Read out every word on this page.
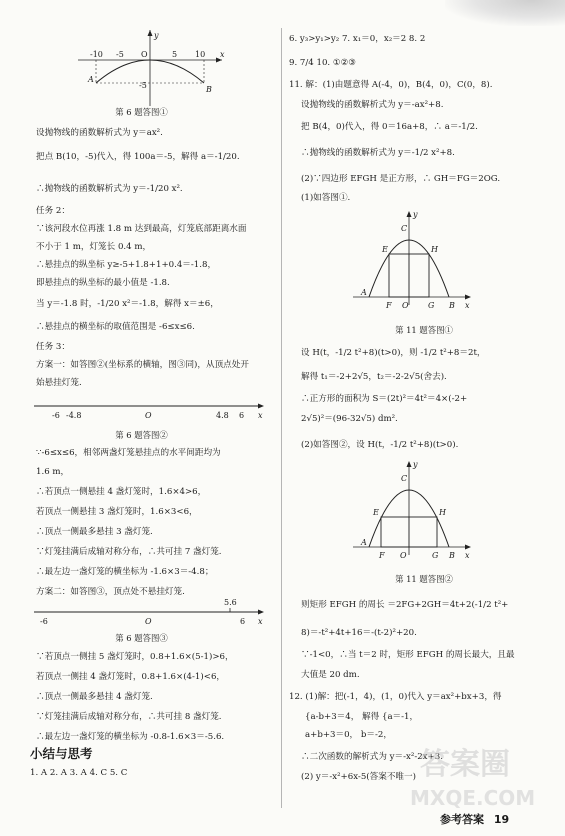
-10 -5 O	5 10 x
y
-5
A
B
第 6 题答图①
设抛物线的函数解析式为 y＝ax².
把点 B(10，-5)代入，得 100a＝-5，解得 a＝-1/20.
∴抛物线的函数解析式为 y＝-1/20 x².
任务 2：
∵该河段水位再涨 1.8 m 达到最高，灯笼底部距离水面
不小于 1 m，灯笼长 0.4 m，
∴悬挂点的纵坐标 y≥-5+1.8+1+0.4＝-1.8，
即悬挂点的纵坐标的最小值是 -1.8.
当 y＝-1.8 时，-1/20 x²＝-1.8，解得 x＝±6，
∴悬挂点的横坐标的取值范围是 -6≤x≤6.
任务 3：
方案一：如答图②(坐标系的横轴，图③同)，从顶点处开
始悬挂灯笼.
-6 -4.8	O	4.8 6 x
第 6 题答图②
∵-6≤x≤6，相邻两盏灯笼悬挂点的水平间距均为
1.6 m，
∴若顶点一侧悬挂 4 盏灯笼时，1.6×4>6，
若顶点一侧悬挂 3 盏灯笼时，1.6×3<6，
∴顶点一侧最多悬挂 3 盏灯笼.
∵灯笼挂满后成轴对称分布，∴共可挂 7 盏灯笼.
∴最左边一盏灯笼的横坐标为 -1.6×3＝-4.8；
方案二：如答图③，顶点处不悬挂灯笼.
-6	O
5.6
6 x
第 6 题答图③
∵若顶点一侧挂 5 盏灯笼时，0.8+1.6×(5-1)>6，
若顶点一侧挂 4 盏灯笼时，0.8+1.6×(4-1)<6，
∴顶点一侧最多悬挂 4 盏灯笼.
∵灯笼挂满后成轴对称分布，∴共可挂 8 盏灯笼.
∴最左边一盏灯笼的横坐标为 -0.8-1.6×3＝-5.6.
小结与思考
1. A 2. A 3. A 4. C 5. C
6. y₃>y₁>y₂ 7. x₁＝0，x₂＝2 8. 2
9. 7/4 10. ①②③
11. 解：(1)由题意得 A(-4，0)，B(4，0)，C(0，8).
设抛物线的函数解析式为 y＝-ax²+8.
把 B(4，0)代入，得 0＝16a+8，∴ a＝-1/2.
∴抛物线的函数解析式为 y＝-1/2 x²+8.
(2)∵四边形 EFGH 是正方形，∴ GH＝FG＝2OG.
(1)如答图①.
y
C
E	H
A
F O G B x
第 11 题答图①
设 H(t，-1/2 t²+8)(t>0)，则 -1/2 t²+8＝2t，
解得 t₁＝-2+2√5，t₂＝-2-2√5(舍去).
∴正方形的面积为 S＝(2t)²＝4t²＝4×(-2+
2√5)²＝(96-32√5) dm².
(2)如答图②，设 H(t，-1/2 t²+8)(t>0).
y
C
E	H
A
F O	G B x
第 11 题答图②
则矩形 EFGH 的周长 ＝2FG+2GH＝4t+2(-1/2 t²+
8)＝-t²+4t+16＝-(t-2)²+20.
∵-1<0，∴当 t＝2 时，矩形 EFGH 的周长最大，且最
大值是 20 dm.
12. (1)解：把(-1，4)，(1，0)代入 y＝ax²+bx+3，得
{a-b+3＝4， 解得 {a＝-1，
a+b+3＝0， b＝-2，
∴二次函数的解析式为 y＝-x²-2x+3.
(2) y＝-x²+6x-5(答案不唯一) 答案圈
MXQE.COM
参考答案 19
